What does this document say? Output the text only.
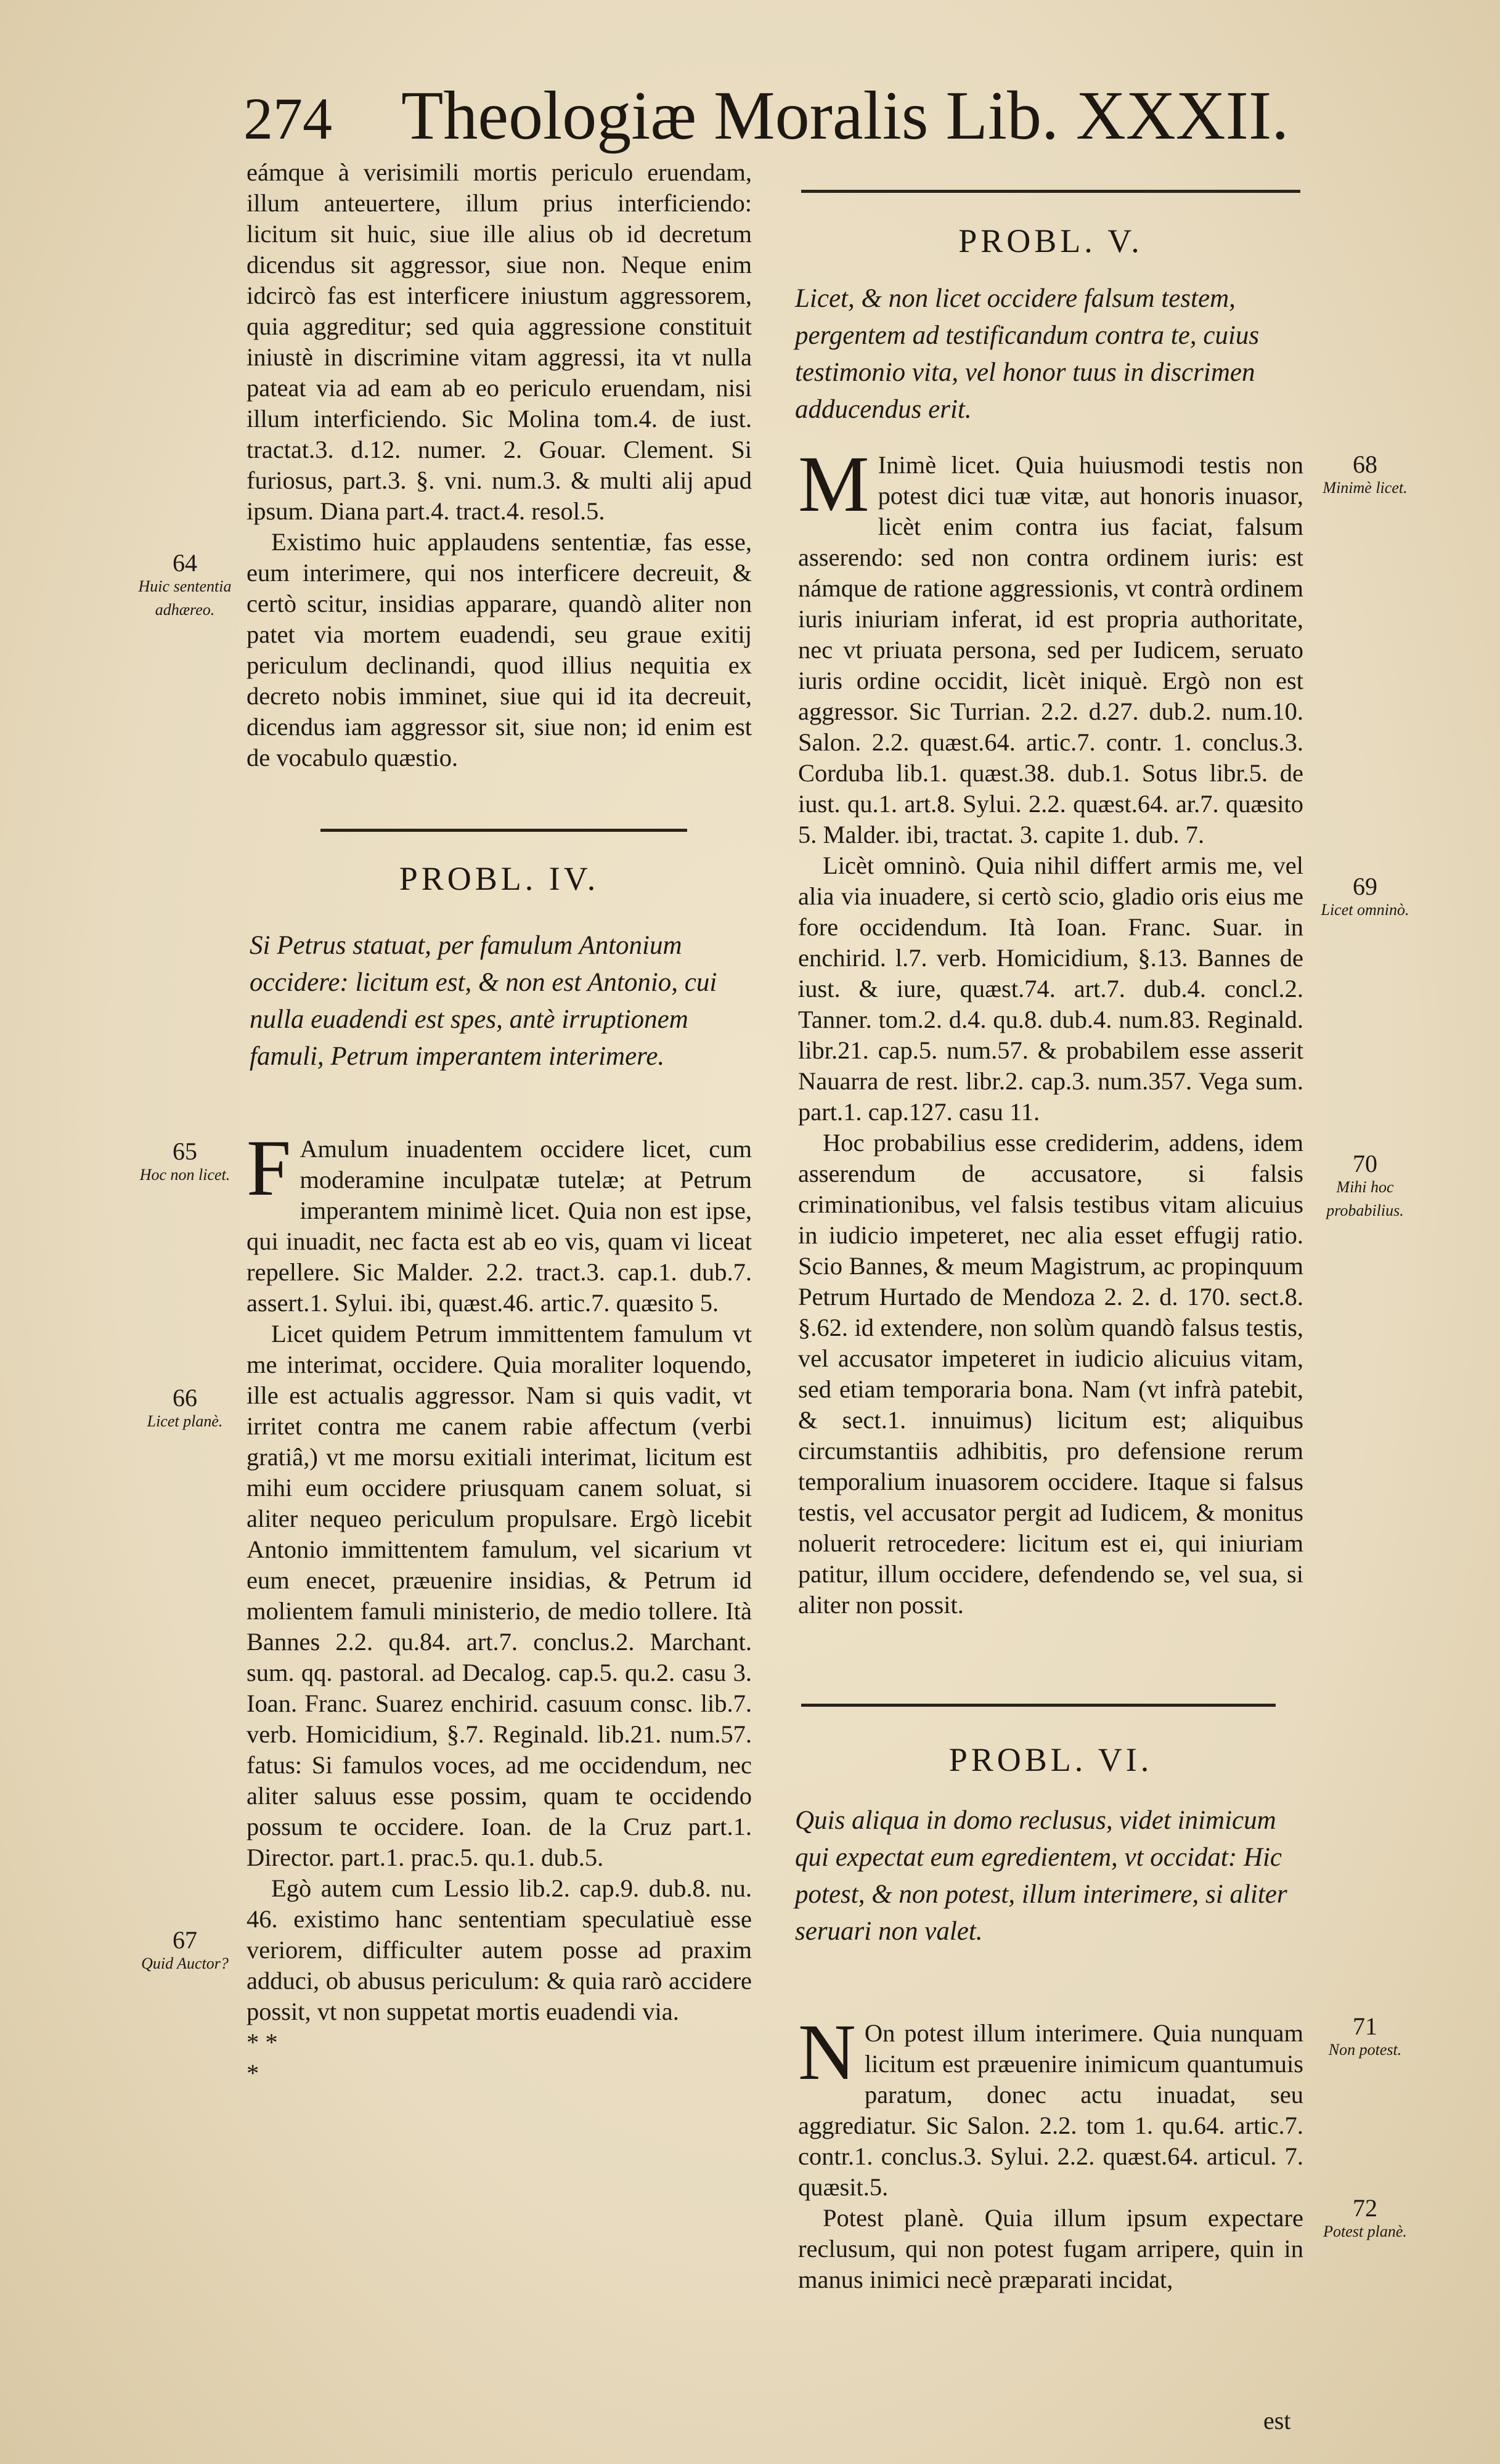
274 Theologiæ Moralis Lib. XXXII.

eámque à verisimili mortis periculo eruendam, illum anteuertere, illum prius interficiendo: licitum sit huic, siue ille alius ob id decretum dicendus sit aggressor, siue non. Neque enim idcircò fas est interficere iniustum aggressorem, quia aggreditur; sed quia aggressione constituit iniustè in discrimine vitam aggressi, ita vt nulla pateat via ad eam ab eo periculo eruendam, nisi illum interficiendo. Sic Molina tom.4. de iust. tractat.3. d.12. numer. 2. Gouar. Clement. Si furiosus, part.3. §. vni. num.3. & multi alij apud ipsum. Diana part.4. tract.4. resol.5.

Existimo huic applaudens sententiæ, fas esse, eum interimere, qui nos interficere decreuit, & certò scitur, insidias apparare, quandò aliter non patet via mortem euadendi, seu graue exitij periculum declinandi, quod illius nequitia ex decreto nobis imminet, siue qui id ita decreuit, dicendus iam aggressor sit, siue non; id enim est de vocabulo quæstio.

64
Huic sententia adhæreo.
PROBL. IV.
Si Petrus statuat, per famulum Antonium occidere: licitum est, & non est Antonio, cui nulla euadendi est spes, antè irruptionem famuli, Petrum imperantem interimere.

F Amulum inuadentem occidere licet, cum moderamine inculpatæ tutelæ; at Petrum imperantem minimè licet. Quia non est ipse, qui inuadit, nec facta est ab eo vis, quam vi liceat repellere. Sic Malder. 2.2. tract.3. cap.1. dub.7. assert.1. Sylui. ibi, quæst.46. artic.7. quæsito 5.

Licet quidem Petrum immittentem famulum vt me interimat, occidere. Quia moraliter loquendo, ille est actualis aggressor. Nam si quis vadit, vt irritet contra me canem rabie affectum (verbi gratiâ,) vt me morsu exitiali interimat, licitum est mihi eum occidere priusquam canem soluat, si aliter nequeo periculum propulsare. Ergò licebit Antonio immittentem famulum, vel sicarium vt eum enecet, præuenire insidias, & Petrum id molientem famuli ministerio, de medio tollere. Ità Bannes 2.2. qu.84. art.7. conclus.2. Marchant. sum. qq. pastoral. ad Decalog. cap.5. qu.2. casu 3. Ioan. Franc. Suarez enchirid. casuum consc. lib.7. verb. Homicidium, §.7. Reginald. lib.21. num.57. fatus: Si famulos voces, ad me occidendum, nec aliter saluus esse possim, quam te occidendo possum te occidere. Ioan. de la Cruz part.1. Director. part.1. prac.5. qu.1. dub.5.

Egò autem cum Lessio lib.2. cap.9. dub.8. nu. 46. existimo hanc sententiam speculatiuè esse veriorem, difficulter autem posse ad praxim adduci, ob abusus periculum: & quia rarò accidere possit, vt non suppetat mortis euadendi via.

* *
*

65
Hoc non licet.
66
Licet planè.
67
Quid Auctor?
PROBL. V.
Licet, & non licet occidere falsum testem, pergentem ad testificandum contra te, cuius testimonio vita, vel honor tuus in discrimen adducendus erit.

M Inimè licet. Quia huiusmodi testis non potest dici tuæ vitæ, aut honoris inuasor, licèt enim contra ius faciat, falsum asserendo: sed non contra ordinem iuris: est námque de ratione aggressionis, vt contrà ordinem iuris iniuriam inferat, id est propria authoritate, nec vt priuata persona, sed per Iudicem, seruato iuris ordine occidit, licèt iniquè. Ergò non est aggressor. Sic Turrian. 2.2. d.27. dub.2. num.10. Salon. 2.2. quæst.64. artic.7. contr. 1. conclus.3. Corduba lib.1. quæst.38. dub.1. Sotus libr.5. de iust. qu.1. art.8. Sylui. 2.2. quæst.64. ar.7. quæsito 5. Malder. ibi, tractat. 3. capite 1. dub. 7.

Licèt omninò. Quia nihil differt armis me, vel alia via inuadere, si certò scio, gladio oris eius me fore occidendum. Ità Ioan. Franc. Suar. in enchirid. l.7. verb. Homicidium, §.13. Bannes de iust. & iure, quæst.74. art.7. dub.4. concl.2. Tanner. tom.2. d.4. qu.8. dub.4. num.83. Reginald. libr.21. cap.5. num.57. & probabilem esse asserit Nauarra de rest. libr.2. cap.3. num.357. Vega sum. part.1. cap.127. casu 11.

Hoc probabilius esse crediderim, addens, idem asserendum de accusatore, si falsis criminationibus, vel falsis testibus vitam alicuius in iudicio impeteret, nec alia esset effugij ratio. Scio Bannes, & meum Magistrum, ac propinquum Petrum Hurtado de Mendoza 2. 2. d. 170. sect.8. §.62. id extendere, non solùm quandò falsus testis, vel accusator impeteret in iudicio alicuius vitam, sed etiam temporaria bona. Nam (vt infrà patebit, & sect.1. innuimus) licitum est; aliquibus circumstantiis adhibitis, pro defensione rerum temporalium inuasorem occidere. Itaque si falsus testis, vel accusator pergit ad Iudicem, & monitus noluerit retrocedere: licitum est ei, qui iniuriam patitur, illum occidere, defendendo se, vel sua, si aliter non possit.

68
Minimè licet.
69
Licet omninò.
70
Mihi hoc probabilius.
PROBL. VI.
Quis aliqua in domo reclusus, videt inimicum qui expectat eum egredientem, vt occidat: Hic potest, & non potest, illum interimere, si aliter seruari non valet.

N On potest illum interimere. Quia nunquam licitum est præuenire inimicum quantumuis paratum, donec actu inuadat, seu aggrediatur. Sic Salon. 2.2. tom 1. qu.64. artic.7. contr.1. conclus.3. Sylui. 2.2. quæst.64. articul. 7. quæsit.5.

Potest planè. Quia illum ipsum expectare reclusum, qui non potest fugam arripere, quin in manus inimici necè præparati incidat,

71
Non potest.
72
Potest planè.
est
